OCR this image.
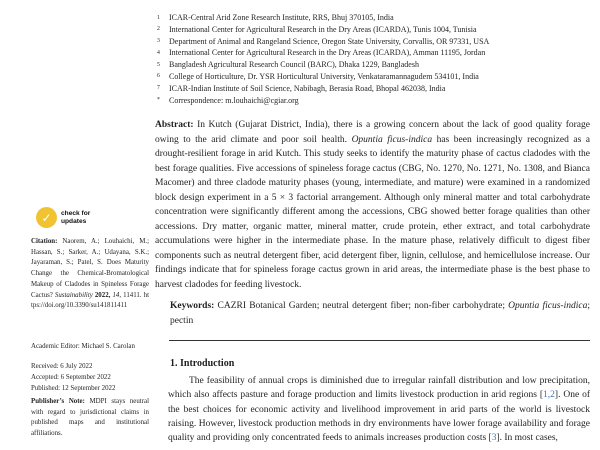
✓	check for
updates
Citation: Naorem, A.; Louhaichi, M.; Hassan, S.; Sarker, A.; Udayana, S.K.; Jayaraman, S.; Patel, S. Does Maturity Change the Chemical-Bromatological Makeup of Cladodes in Spineless Forage Cactus? Sustainability 2022, 14, 11411. https://doi.org/10.3390/su141811411
Academic Editor: Michael S. Carolan
Received: 6 July 2022
Accepted: 6 September 2022
Published: 12 September 2022
Publisher’s Note: MDPI stays neutral with regard to jurisdictional claims in published maps and institutional affiliations.
1	ICAR-Central Arid Zone Research Institute, RRS, Bhuj 370105, India
2	International Center for Agricultural Research in the Dry Areas (ICARDA), Tunis 1004, Tunisia
3	Department of Animal and Rangeland Science, Oregon State University, Corvallis, OR 97331, USA
4	International Center for Agricultural Research in the Dry Areas (ICARDA), Amman 11195, Jordan
5	Bangladesh Agricultural Research Council (BARC), Dhaka 1229, Bangladesh
6	College of Horticulture, Dr. YSR Horticultural University, Venkataramannagudem 534101, India
7	ICAR-Indian Institute of Soil Science, Nabibagh, Berasia Road, Bhopal 462038, India
*	Correspondence: m.louhaichi@cgiar.org
Abstract: In Kutch (Gujarat District, India), there is a growing concern about the lack of good quality forage owing to the arid climate and poor soil health. Opuntia ficus-indica has been increasingly recognized as a drought-resilient forage in arid Kutch. This study seeks to identify the maturity phase of cactus cladodes with the best forage qualities. Five accessions of spineless forage cactus (CBG, No. 1270, No. 1271, No. 1308, and Bianca Macomer) and three cladode maturity phases (young, intermediate, and mature) were examined in a randomized block design experiment in a 5 × 3 factorial arrangement. Although only mineral matter and total carbohydrate concentration were significantly different among the accessions, CBG showed better forage qualities than other accessions. Dry matter, organic matter, mineral matter, crude protein, ether extract, and total carbohydrate accumulations were higher in the intermediate phase. In the mature phase, relatively difficult to digest fiber components such as neutral detergent fiber, acid detergent fiber, lignin, cellulose, and hemicellulose increase. Our findings indicate that for spineless forage cactus grown in arid areas, the intermediate phase is the best phase to harvest cladodes for feeding livestock.
Keywords: CAZRI Botanical Garden; neutral detergent fiber; non-fiber carbohydrate; Opuntia ficus-indica; pectin
1. Introduction
The feasibility of annual crops is diminished due to irregular rainfall distribution and low precipitation, which also affects pasture and forage production and limits livestock production in arid regions [1,2]. One of the best choices for economic activity and livelihood improvement in arid parts of the world is livestock raising. However, livestock production methods in dry environments have lower forage availability and forage quality and providing only concentrated feeds to animals increases production costs [3]. In most cases,
